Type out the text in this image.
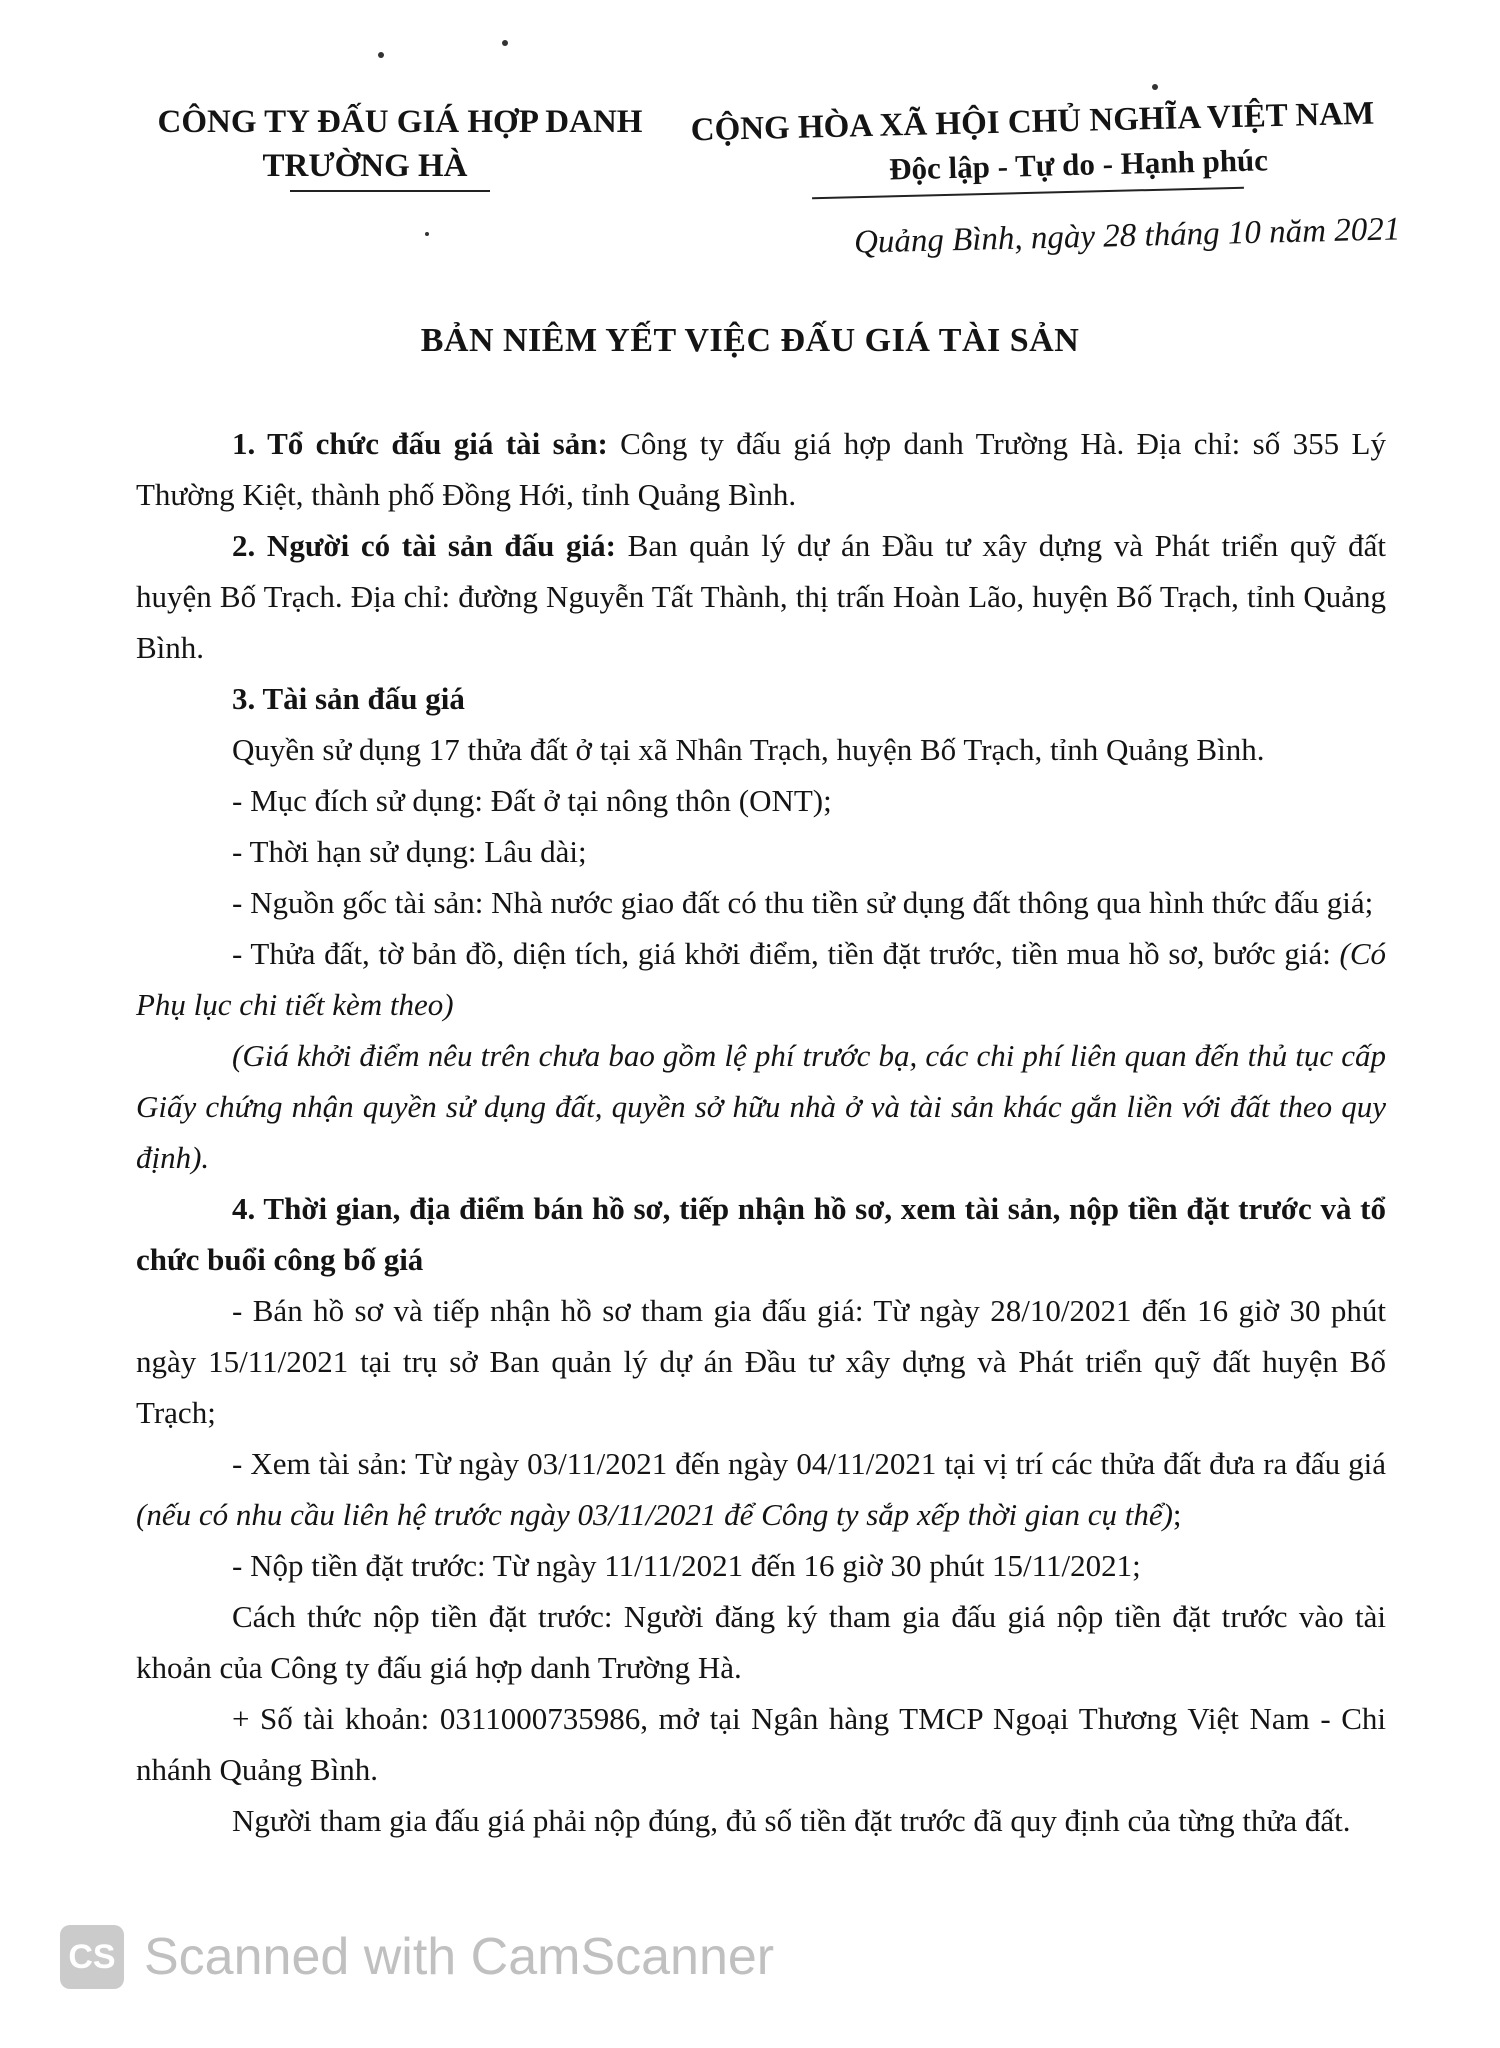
CÔNG TY ĐẤU GIÁ HỢP DANH
TRƯỜNG HÀ
CỘNG HÒA XÃ HỘI CHỦ NGHĨA VIỆT NAM
Độc lập - Tự do - Hạnh phúc
Quảng Bình, ngày 28 tháng 10 năm 2021
BẢN NIÊM YẾT VIỆC ĐẤU GIÁ TÀI SẢN

1. Tổ chức đấu giá tài sản: Công ty đấu giá hợp danh Trường Hà. Địa chỉ: số 355 Lý Thường Kiệt, thành phố Đồng Hới, tỉnh Quảng Bình.

2. Người có tài sản đấu giá: Ban quản lý dự án Đầu tư xây dựng và Phát triển quỹ đất huyện Bố Trạch. Địa chỉ: đường Nguyễn Tất Thành, thị trấn Hoàn Lão, huyện Bố Trạch, tỉnh Quảng Bình.

3. Tài sản đấu giá

Quyền sử dụng 17 thửa đất ở tại xã Nhân Trạch, huyện Bố Trạch, tỉnh Quảng Bình.

- Mục đích sử dụng: Đất ở tại nông thôn (ONT);

- Thời hạn sử dụng: Lâu dài;

- Nguồn gốc tài sản: Nhà nước giao đất có thu tiền sử dụng đất thông qua hình thức đấu giá;

- Thửa đất, tờ bản đồ, diện tích, giá khởi điểm, tiền đặt trước, tiền mua hồ sơ, bước giá: (Có Phụ lục chi tiết kèm theo)

(Giá khởi điểm nêu trên chưa bao gồm lệ phí trước bạ, các chi phí liên quan đến thủ tục cấp Giấy chứng nhận quyền sử dụng đất, quyền sở hữu nhà ở và tài sản khác gắn liền với đất theo quy định).

4. Thời gian, địa điểm bán hồ sơ, tiếp nhận hồ sơ, xem tài sản, nộp tiền đặt trước và tổ chức buổi công bố giá

- Bán hồ sơ và tiếp nhận hồ sơ tham gia đấu giá: Từ ngày 28/10/2021 đến 16 giờ 30 phút ngày 15/11/2021 tại trụ sở Ban quản lý dự án Đầu tư xây dựng và Phát triển quỹ đất huyện Bố Trạch;

- Xem tài sản: Từ ngày 03/11/2021 đến ngày 04/11/2021 tại vị trí các thửa đất đưa ra đấu giá (nếu có nhu cầu liên hệ trước ngày 03/11/2021 để Công ty sắp xếp thời gian cụ thể);

- Nộp tiền đặt trước: Từ ngày 11/11/2021 đến 16 giờ 30 phút 15/11/2021;

Cách thức nộp tiền đặt trước: Người đăng ký tham gia đấu giá nộp tiền đặt trước vào tài khoản của Công ty đấu giá hợp danh Trường Hà.

+ Số tài khoản: 0311000735986, mở tại Ngân hàng TMCP Ngoại Thương Việt Nam - Chi nhánh Quảng Bình.

Người tham gia đấu giá phải nộp đúng, đủ số tiền đặt trước đã quy định của từng thửa đất.

CS Scanned with CamScanner
